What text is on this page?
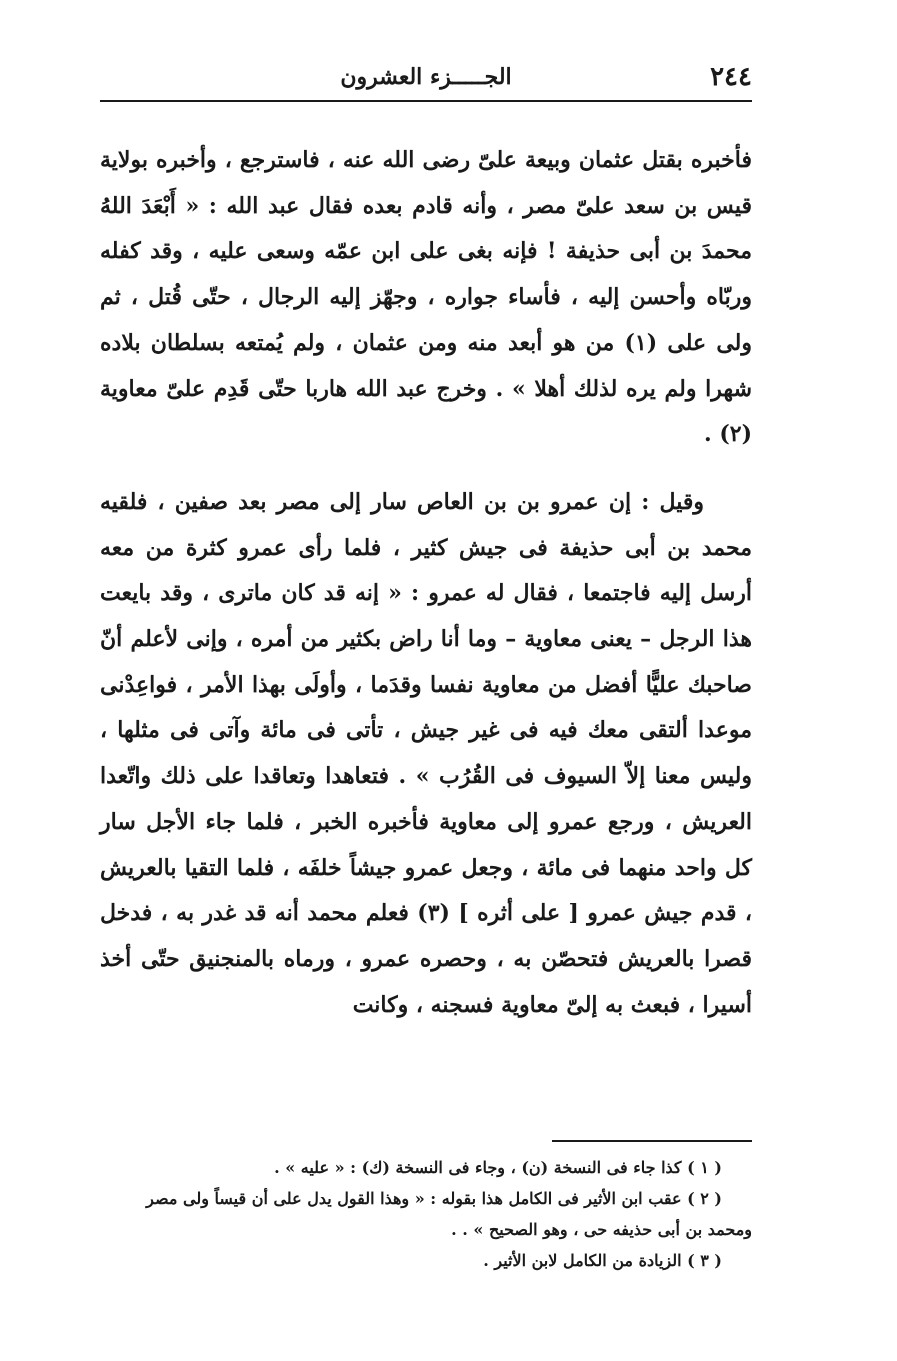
٢٤٤
الجـــــزء العشرون

فأخبره بقتل عثمان وبيعة علىّ رضى الله عنه ، فاسترجع ، وأخبره بولاية قيس بن سعد علىّ مصر ، وأنه قادم بعده فقال عبد الله : « أَبْعَدَ اللهُ محمدَ بن أبى حذيفة ! فإنه بغى على ابن عمّه وسعى عليه ، وقد كفله وربّاه وأحسن إليه ، فأساء جواره ، وجهّز إليه الرجال ، حتّى قُتل ، ثم ولى على (١) من هو أبعد منه ومن عثمان ، ولم يُمتعه بسلطان بلاده شهرا ولم يره لذلك أهلا » . وخرج عبد الله هاربا حتّى قَدِم علىّ معاوية (٢) .

وقيل : إن عمرو بن بن العاص سار إلى مصر بعد صفين ، فلقيه محمد بن أبى حذيفة فى جيش كثير ، فلما رأى عمرو كثرة من معه أرسل إليه فاجتمعا ، فقال له عمرو : « إنه قد كان ماترى ، وقد بايعت هذا الرجل – يعنى معاوية – وما أنا راض بكثير من أمره ، وإنى لأعلم أنّ صاحبك عليًّا أفضل من معاوية نفسا وقدَما ، وأولَى بهذا الأمر ، فواعِدْنى موعدا ألتقى معك فيه فى غير جيش ، تأتى فى مائة وآتى فى مثلها ، وليس معنا إلاّ السيوف فى القُرُب » . فتعاهدا وتعاقدا على ذلك واتّعدا العريش ، ورجع عمرو إلى معاوية فأخبره الخبر ، فلما جاء الأجل سار كل واحد منهما فى مائة ، وجعل عمرو جيشاً خلفَه ، فلما التقيا بالعريش ، قدم جيش عمرو [ على أثره ] (٣) فعلم محمد أنه قد غدر به ، فدخل قصرا بالعريش فتحصّن به ، وحصره عمرو ، ورماه بالمنجنيق حتّى أخذ أسيرا ، فبعث به إلىّ معاوية فسجنه ، وكانت

( ١ ) كذا جاء فى النسخة (ن) ، وجاء فى النسخة (ك) : « عليه » .

( ٢ ) عقب ابن الأثير فى الكامل هذا بقوله : « وهذا القول يدل على أن قيساً ولى مصر

ومحمد بن أبى حذيفه حى ، وهو الصحيح » . .

( ٣ ) الزيادة من الكامل لابن الأثير .
